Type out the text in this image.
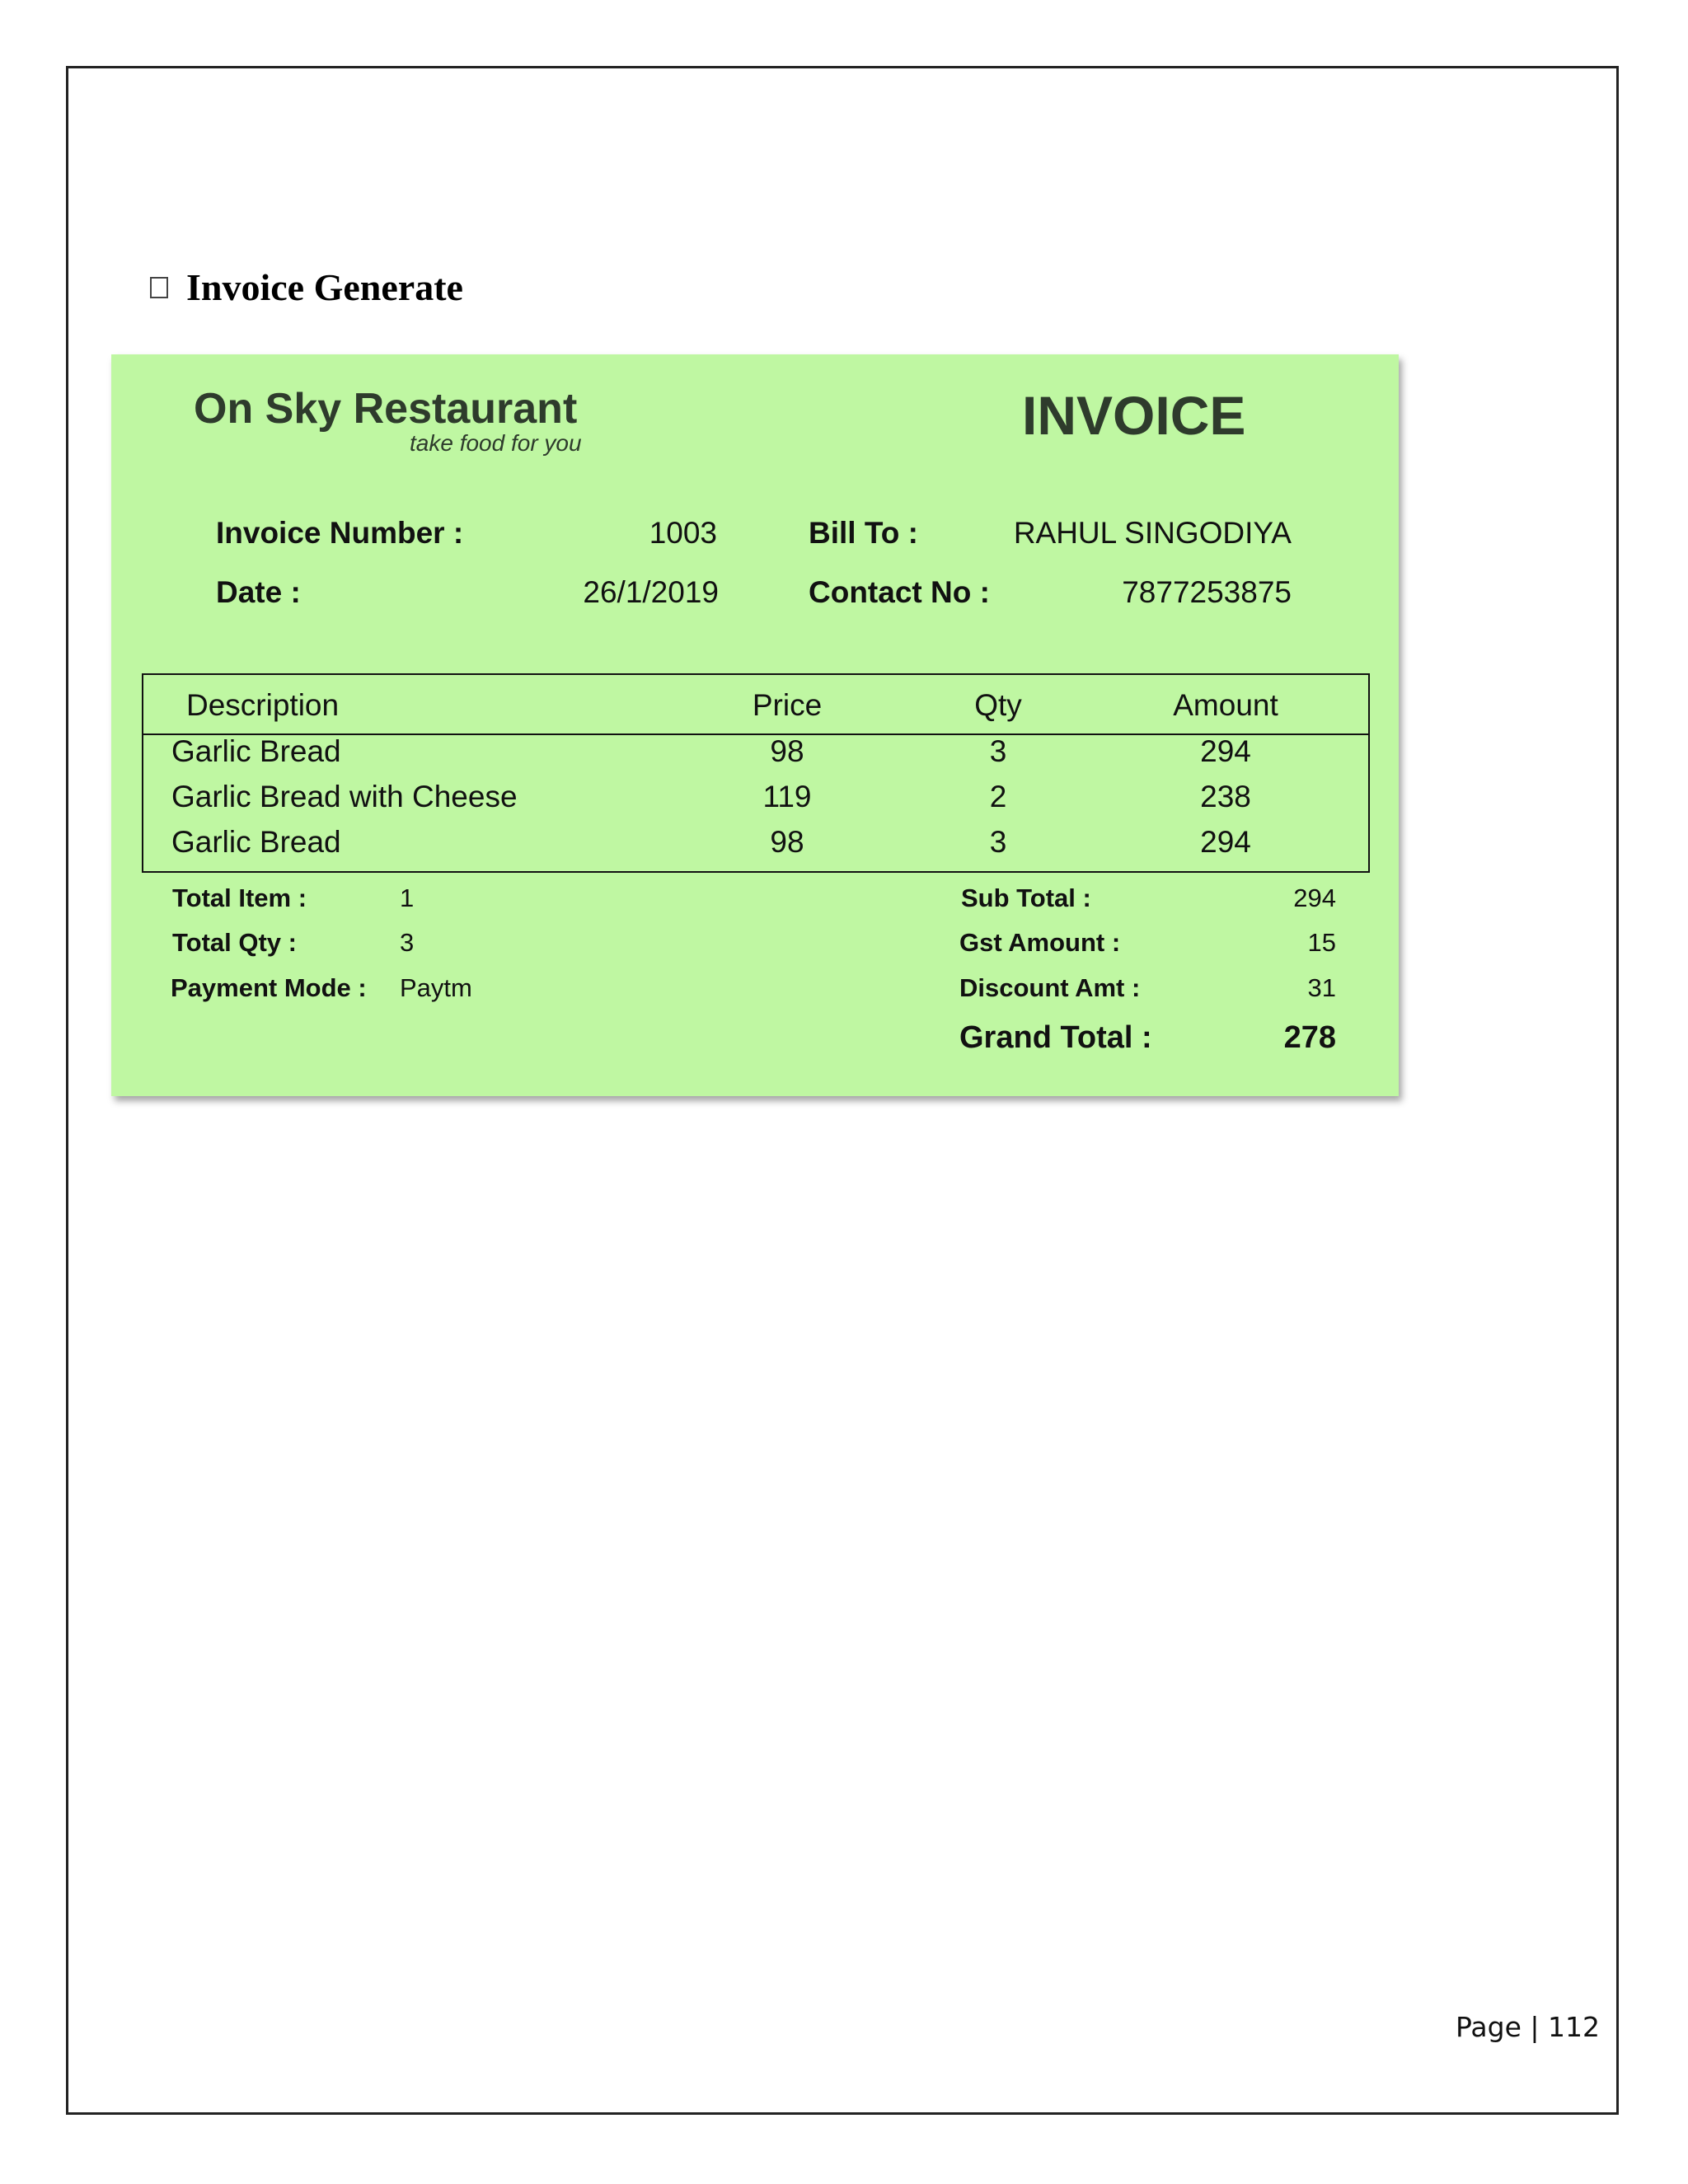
Invoice Generate
On Sky Restaurant
take food for you	INVOICE
Invoice Number :	1003
Date :	26/1/2019
Bill To :	RAHUL SINGODIYA
Contact No :	7877253875
Description	Price	Qty	Amount
Garlic Bread	98	3	294
Garlic Bread with Cheese	119	2	238
Garlic Bread	98	3	294
Total Item :	1
Total Qty :	3
Payment Mode : Paytm
Sub Total :	294
Gst Amount :	15
Discount Amt :	31
Grand Total :	278
Page | 112
